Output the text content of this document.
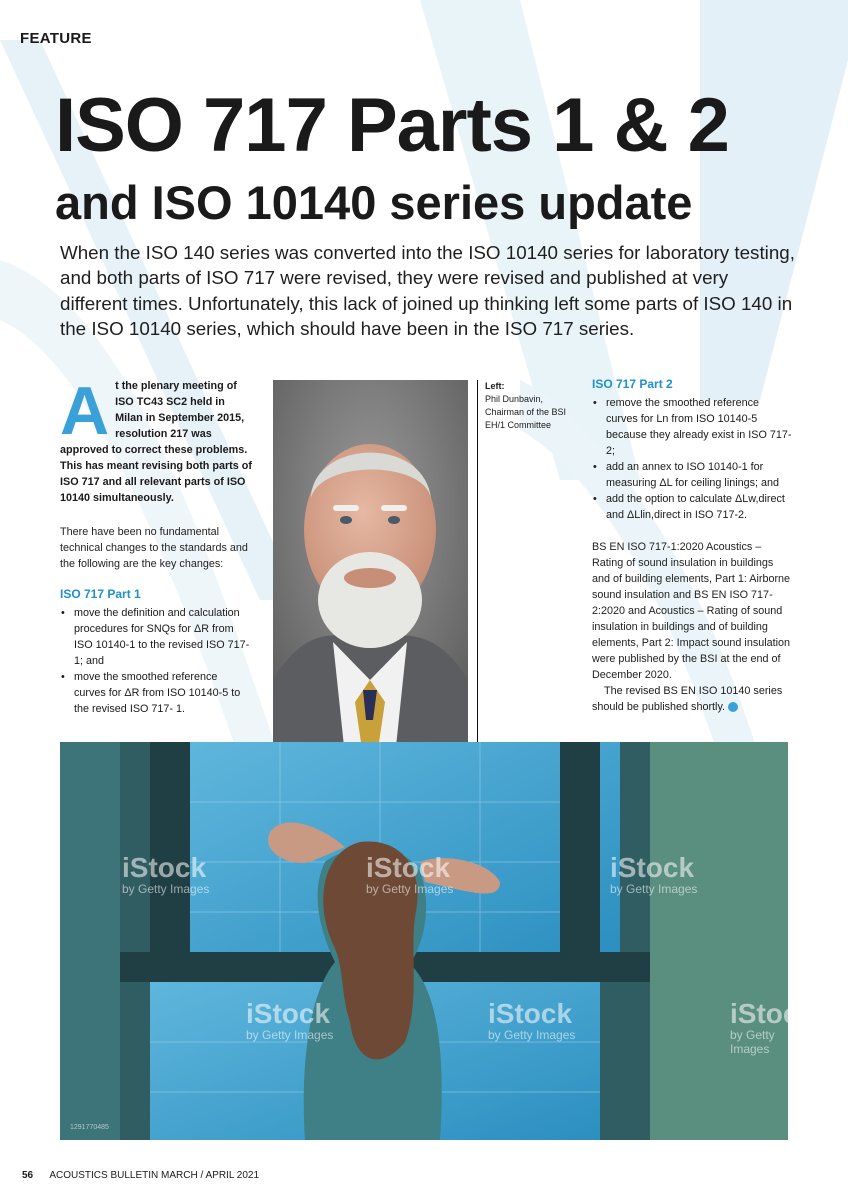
FEATURE
ISO 717 Parts 1 & 2
and ISO 10140 series update
When the ISO 140 series was converted into the ISO 10140 series for laboratory testing, and both parts of ISO 717 were revised, they were revised and published at very different times. Unfortunately, this lack of joined up thinking left some parts of ISO 140 in the ISO 10140 series, which should have been in the ISO 717 series.
A t the plenary meeting of ISO TC43 SC2 held in Milan in September 2015, resolution 217 was approved to correct these problems. This has meant revising both parts of ISO 717 and all relevant parts of ISO 10140 simultaneously.

There have been no fundamental technical changes to the standards and the following are the key changes:

ISO 717 Part 1
• move the definition and calculation procedures for SNQs for ΔR from ISO 10140-1 to the revised ISO 717-1; and
• move the smoothed reference curves for ΔR from ISO 10140-5 to the revised ISO 717- 1.
Left:
Phil Dunbavin, Chairman of the BSI EH/1 Committee
ISO 717 Part 2
• remove the smoothed reference curves for Ln from ISO 10140-5 because they already exist in ISO 717-2;
• add an annex to ISO 10140-1 for measuring ΔL for ceiling linings; and
• add the option to calculate ΔLw,direct and ΔLlin,direct in ISO 717-2.

BS EN ISO 717-1:2020 Acoustics – Rating of sound insulation in buildings and of building elements, Part 1: Airborne sound insulation and BS EN ISO 717-2:2020 and Acoustics – Rating of sound insulation in buildings and of building elements, Part 2: Impact sound insulation were published by the BSI at the end of December 2020.

The revised BS EN ISO 10140 series should be published shortly.

iStock
by Getty Images
iStock
by Getty Images
iStock
by Getty Images
iStock
by Getty Images
iStock
by Getty Images
iStock
by Getty Images
1291770485
56 ACOUSTICS BULLETIN MARCH / APRIL 2021
